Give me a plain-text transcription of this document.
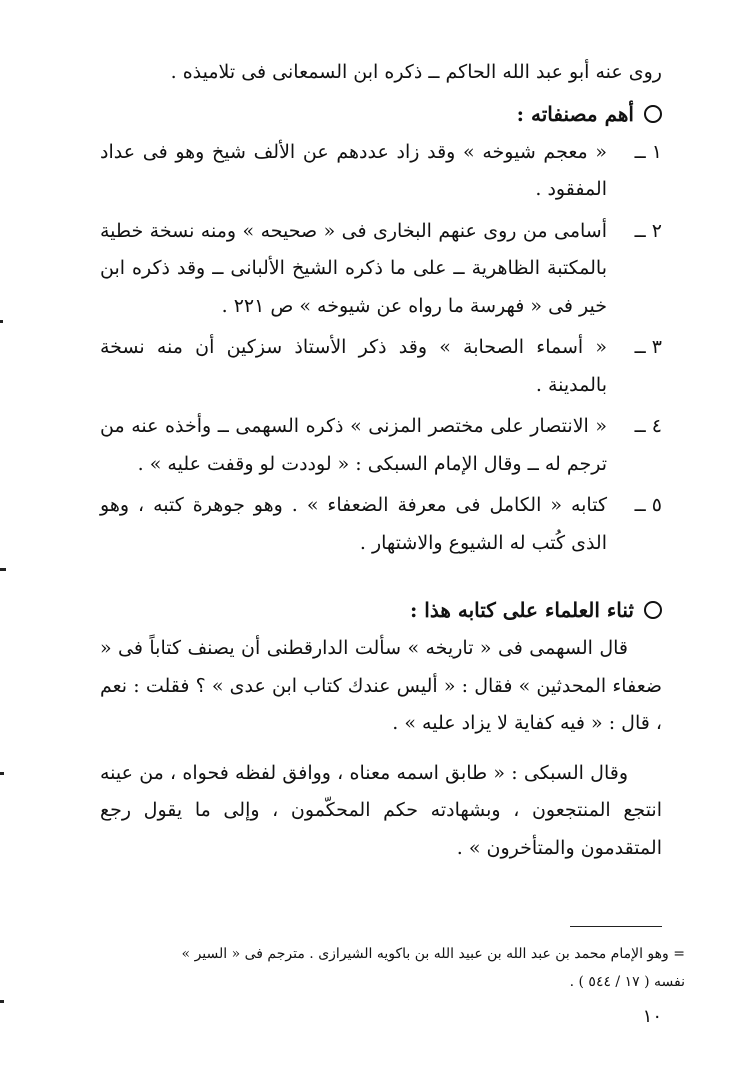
روى عنه أبو عبد الله الحاكم ــ ذكره ابن السمعانى فى تلاميذه .
أهم مصنفاته :
١ ــ
« معجم شيوخه » وقد زاد عددهم عن الألف شيخ وهو فى عداد المفقود .
٢ ــ
أسامى من روى عنهم البخارى فى « صحيحه » ومنه نسخة خطية بالمكتبة الظاهرية ــ على ما ذكره الشيخ الألبانى ــ وقد ذكره ابن خير فى « فهرسة ما رواه عن شيوخه » ص ٢٢١ .
٣ ــ
« أسماء الصحابة » وقد ذكر الأستاذ سزكين أن منه نسخة بالمدينة .
٤ ــ
« الانتصار على مختصر المزنى » ذكره السهمى ــ وأخذه عنه من ترجم له ــ وقال الإمام السبكى : « لوددت لو وقفت عليه » .
٥ ــ
كتابه « الكامل فى معرفة الضعفاء » . وهو جوهرة كتبه ، وهو الذى كُتب له الشيوع والاشتهار .
ثناء العلماء على كتابه هذا :
قال السهمى فى « تاريخه » سألت الدارقطنى أن يصنف كتاباً فى « ضعفاء المحدثين » فقال : « أليس عندك كتاب ابن عدى » ؟ فقلت : نعم ، قال : « فيه كفاية لا يزاد عليه » .
وقال السبكى : « طابق اسمه معناه ، ووافق لفظه فحواه ، من عينه انتجع المنتجعون ، وبشهادته حكم المحكّمون ، وإلى ما يقول رجع المتقدمون والمتأخرون » .
= وهو الإمام محمد بن عبد الله بن عبيد الله بن باكويه الشيرازى . مترجم فى « السير »
نفسه ( ١٧ / ٥٤٤ ) .
١٠
